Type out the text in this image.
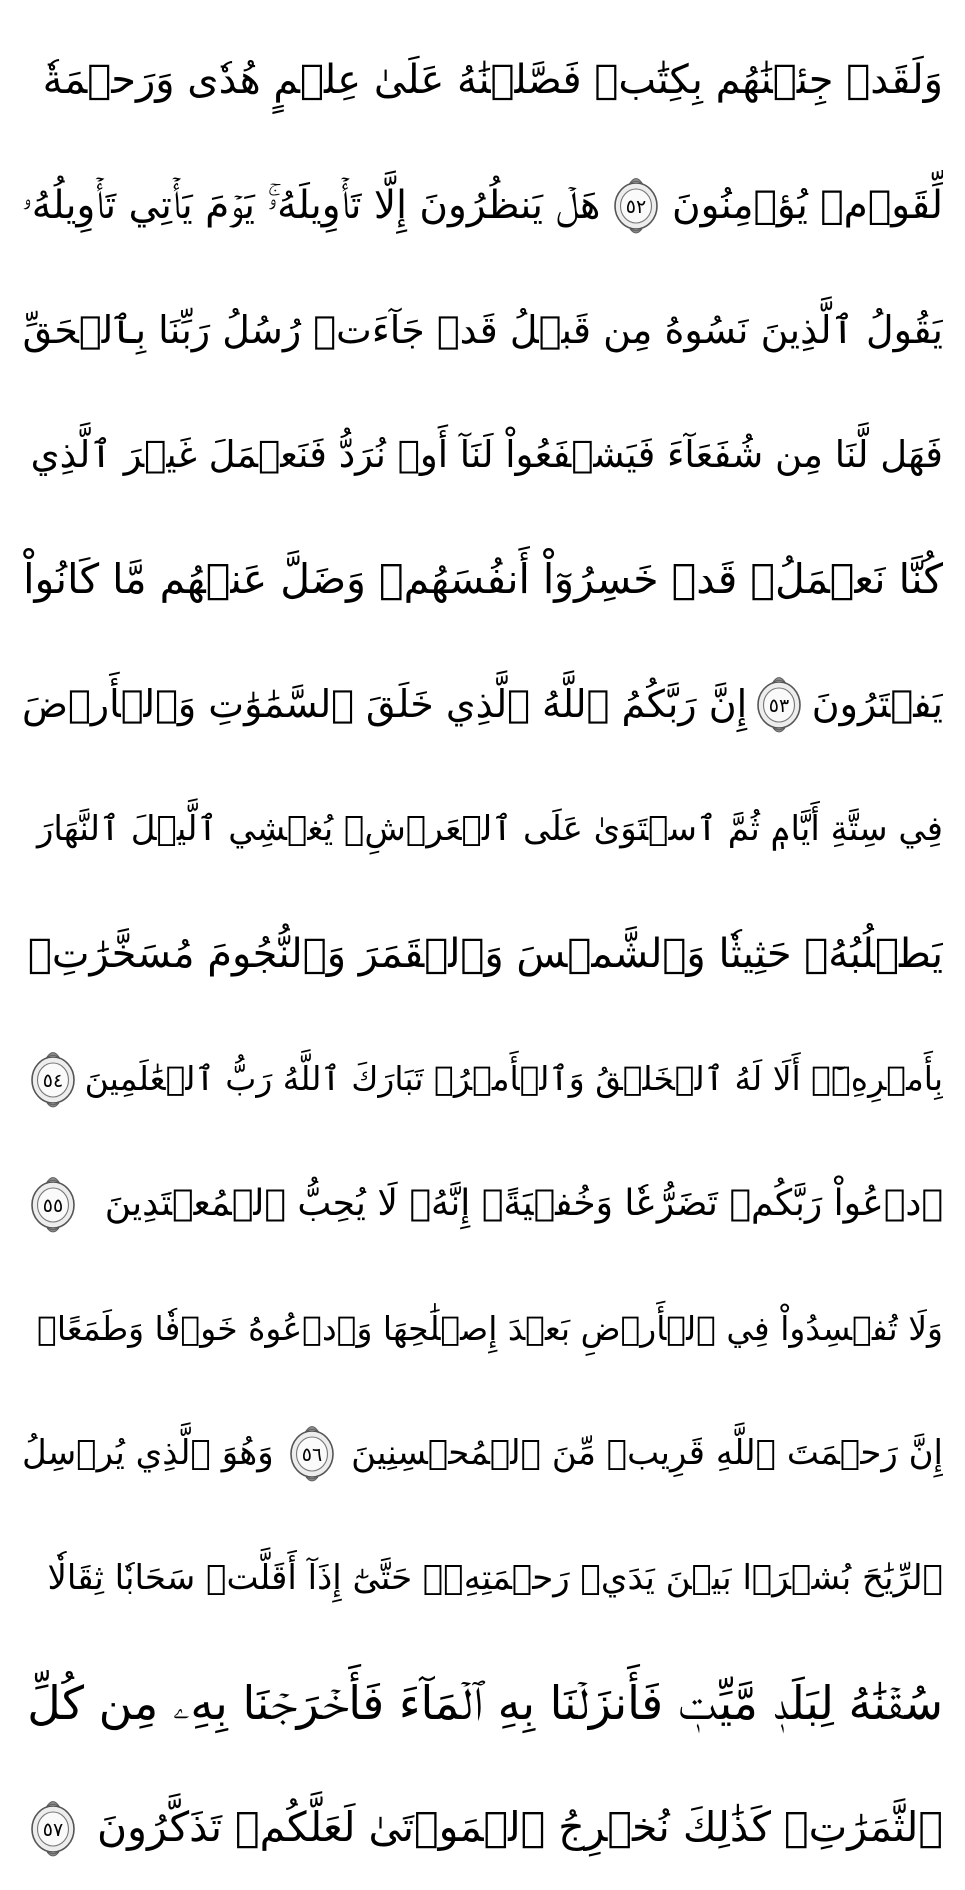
وَلَقَدۡ جِئۡنَٰهُم بِكِتَٰبٖ فَصَّلۡنَٰهُ عَلَىٰ عِلۡمٍ هُدٗى وَرَحۡمَةٗ
لِّقَوۡمٖ يُؤۡمِنُونَ
٥٢
هَلۡ يَنظُرُونَ إِلَّا تَأۡوِيلَهُۥۚ يَوۡمَ يَأۡتِي تَأۡوِيلُهُۥ
يَقُولُ ٱلَّذِينَ نَسُوهُ مِن قَبۡلُ قَدۡ جَآءَتۡ رُسُلُ رَبِّنَا بِٱلۡحَقِّ
فَهَل لَّنَا مِن شُفَعَآءَ فَيَشۡفَعُواْ لَنَآ أَوۡ نُرَدُّ فَنَعۡمَلَ غَيۡرَ ٱلَّذِي
كُنَّا نَعۡمَلُۚ قَدۡ خَسِرُوٓاْ أَنفُسَهُمۡ وَضَلَّ عَنۡهُم مَّا كَانُواْ
يَفۡتَرُونَ
٥٣
إِنَّ رَبَّكُمُ ٱللَّهُ ٱلَّذِي خَلَقَ ٱلسَّمَٰوَٰتِ وَٱلۡأَرۡضَ
فِي سِتَّةِ أَيَّامٖ ثُمَّ ٱسۡتَوَىٰ عَلَى ٱلۡعَرۡشِۖ يُغۡشِي ٱلَّيۡلَ ٱلنَّهَارَ
يَطۡلُبُهُۥ حَثِيثٗا وَٱلشَّمۡسَ وَٱلۡقَمَرَ وَٱلنُّجُومَ مُسَخَّرَٰتِۭ
بِأَمۡرِهِۦٓۗ أَلَا لَهُ ٱلۡخَلۡقُ وَٱلۡأَمۡرُۗ تَبَارَكَ ٱللَّهُ رَبُّ ٱلۡعَٰلَمِينَ
٥٤
ٱدۡعُواْ رَبَّكُمۡ تَضَرُّعٗا وَخُفۡيَةًۚ إِنَّهُۥ لَا يُحِبُّ ٱلۡمُعۡتَدِينَ
٥٥
وَلَا تُفۡسِدُواْ فِي ٱلۡأَرۡضِ بَعۡدَ إِصۡلَٰحِهَا وَٱدۡعُوهُ خَوۡفٗا وَطَمَعًاۚ
إِنَّ رَحۡمَتَ ٱللَّهِ قَرِيبٞ مِّنَ ٱلۡمُحۡسِنِينَ
٥٦
وَهُوَ ٱلَّذِي يُرۡسِلُ
ٱلرِّيَٰحَ بُشۡرَۢا بَيۡنَ يَدَيۡ رَحۡمَتِهِۦۖ حَتَّىٰٓ إِذَآ أَقَلَّتۡ سَحَابٗا ثِقَالٗا
سُقۡنَٰهُ لِبَلَدٖ مَّيِّتٖ فَأَنزَلۡنَا بِهِ ٱلۡمَآءَ فَأَخۡرَجۡنَا بِهِۦ مِن كُلِّ
ٱلثَّمَرَٰتِۚ كَذَٰلِكَ نُخۡرِجُ ٱلۡمَوۡتَىٰ لَعَلَّكُمۡ تَذَكَّرُونَ
٥٧
